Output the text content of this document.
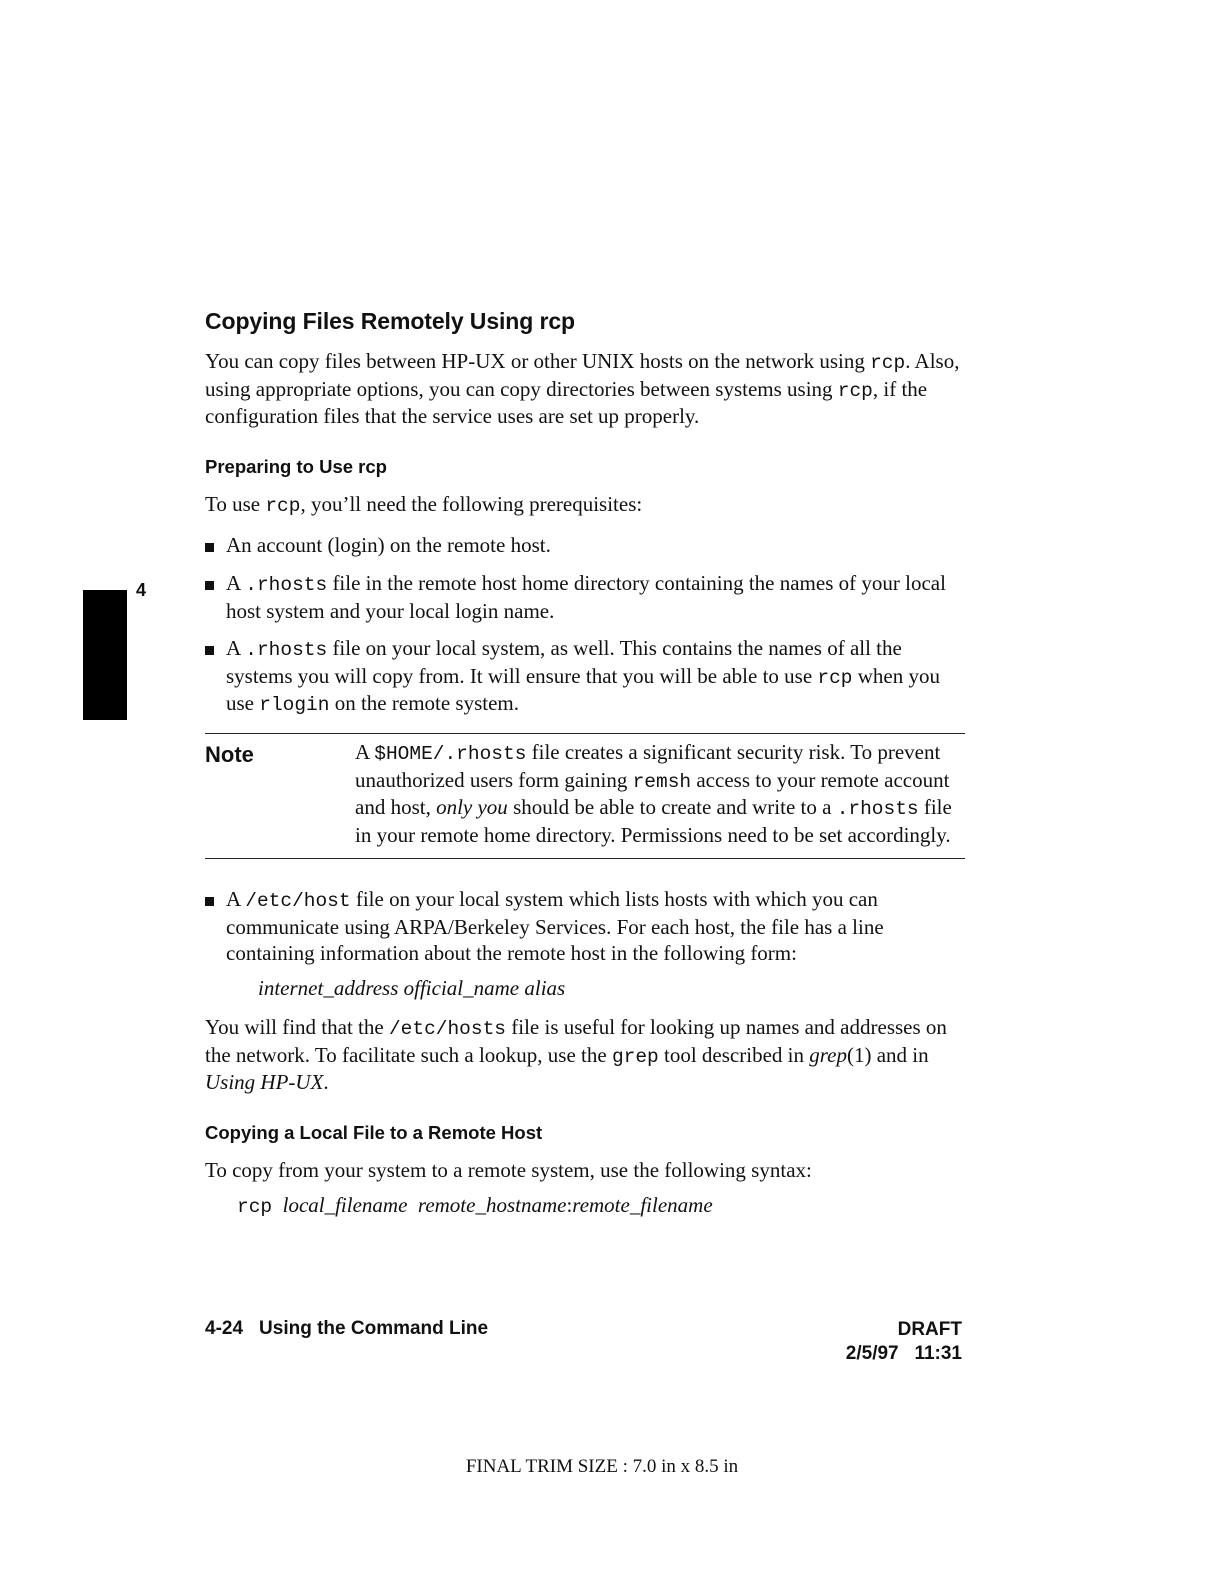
4
Copying Files Remotely Using rcp

You can copy files between HP-UX or other UNIX hosts on the network using rcp. Also, using appropriate options, you can copy directories between systems using rcp, if the configuration files that the service uses are set up properly.

Preparing to Use rcp

To use rcp, you’ll need the following prerequisites:

An account (login) on the remote host.
A .rhosts file in the remote host home directory containing the names of your local host system and your local login name.
A .rhosts file on your local system, as well. This contains the names of all the systems you will copy from. It will ensure that you will be able to use rcp when you use rlogin on the remote system.
Note	A $HOME/.rhosts file creates a significant security risk. To prevent unauthorized users form gaining remsh access to your remote account and host, only you should be able to create and write to a .rhosts file in your remote home directory. Permissions need to be set accordingly.
A /etc/host file on your local system which lists hosts with which you can communicate using ARPA/Berkeley Services. For each host, the file has a line containing information about the remote host in the following form:
internet_address official_name alias

You will find that the /etc/hosts file is useful for looking up names and addresses on the network. To facilitate such a lookup, use the grep tool described in grep(1) and in Using HP-UX.

Copying a Local File to a Remote Host

To copy from your system to a remote system, use the following syntax:

rcp local_filename remote_hostname:remote_filename
4-24 Using the Command Line	DRAFT
2/5/97 11:31
FINAL TRIM SIZE : 7.0 in x 8.5 in
